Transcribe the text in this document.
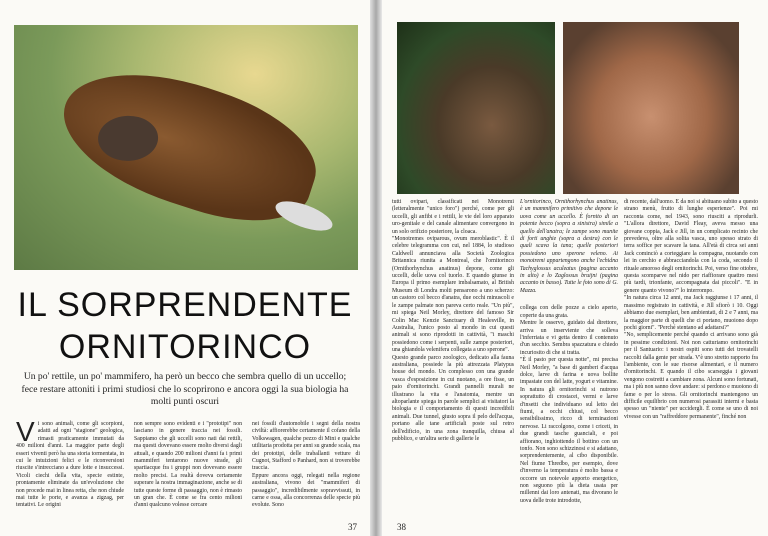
IL SORPRENDENTE
ORNITORINCO
Un po' rettile, un po' mammifero, ha però un becco che sembra quello di un uccello; fece restare attoniti i primi studiosi che lo scoprirono e ancora oggi la sua biologia ha molti punti oscuri
Vi sono animali, come gli scorpioni, adatti ad ogni "stagione" geologica, rimasti praticamente immutati da 400 milioni d'anni. La maggior parte degli esseri viventi però ha una storia tormentata, in cui le intuizioni felici e le riconversioni riuscite s'intrecciano a dure lotte e insuccessi. Vicoli ciechi della vita, specie estinte, prontamente eliminate da un'evoluzione che non procede mai in linea retta, che non chiude mai tutte le porte, e avanza a zigzag, per tentativi. Le origini
non sempre sono evidenti e i "prototipi" non lasciano in genere traccia nei fossili. Sappiamo che gli uccelli sono nati dai rettili, ma questi dovevano essere molto diversi dagli attuali, e quando 200 milioni d'anni fa i primi mammiferi tentarono nuove strade, gli spartiacque fra i gruppi non dovevano essere molto precisi. La realtà doveva certamente superare la nostra immaginazione, anche se di tutte queste forme di passaggio, non è rimasto un gran che. È come se fra cento milioni d'anni qualcuno volesse cercare
nei fossili d'automobile i segni della nostra civiltà: affiorerebbe certamente il cofano della Volkswagen, qualche pezzo di Mini e qualche utilitaria prodotta per anni su grande scala, ma dei prototipi, delle traballanti vetture di Cugnot, Stafford o Panhard, non si troverebbe traccia.
Eppure ancora oggi, relegati nella regione australiana, vivono dei "mammiferi di passaggio", incredibilmente sopravvissuti, in carne e ossa, alla concorrenza delle specie più evolute. Sono
37
tutti ovipari, classificati nei Monotremi (letteralmente "unico foro") perché, come per gli uccelli, gli anfibi e i rettili, le vie del loro apparato uro-genitale e del canale alimentare convergono in un solo orifizio posteriore, la cloaca.
"Monotremes oviparous, ovum meroblastic". È il celebre telegramma con cui, nel 1884, lo studioso Caldwell annunciava alla Società Zoologica Britannica riunita a Montreal, che l'ornitorinco (Ornithorhynchus anatinus) depone, come gli uccelli, delle uova col tuorlo. E quando giunse in Europa il primo esemplare imbalsamato, al British Museum di Londra molti pensarono a uno scherzo: un castoro col becco d'anatra, due occhi minuscoli e le zampe palmate non pareva certo reale. "Un più", mi spiega Neil Morley, direttore del famoso Sir Colin Mac Kenzie Sanctuary di Healesville, in Australia, l'unico posto al mondo in cui questi animali si sono riprodotti in cattività, "i maschi possiedono come i serpenti, sulle zampe posteriori, una ghiandola velenifera collegata a uno sperone".
Questo grande parco zoologico, dedicato alla fauna australiana, possiede la più attrezzata Platypus house del mondo. Un complesso con una grande vasca d'esposizione in cui nuotano, a ore fisse, un paio d'ornitorinchi. Grandi pannelli murali ne illustrano la vita e l'anatomia, mentre un altoparlante spiega in parole semplici ai visitatori la biologia e il comportamento di questi incredibili animali. Due tunnel, giusto sopra il pelo dell'acqua, portano alle tane artificiali poste sul retro dell'edificio, in una zona tranquilla, chiusa al pubblico, e un'altra serie di gallerie le
L'ornitorinco, Ornithorhynchus anatinus, è un mammifero primitivo che depone le uova come un uccello. È fornito di un potente becco (sopra a sinistra) simile a quello dell'anatra; le zampe sono munite di forti unghie (sopra a destra) con le quali scava la tana; quelle posteriori possiedono uno sperone veleno. Ai monotremi appartengono anche l'echidna Tachyglossus aculeatus (pagina accanto in alto) e lo Zaglossus bruijni (pagina accanto in basso). Tutte le foto sono di G. Mazza.
collega con delle pozze a cielo aperto, coperte da una grata.
Mentre le osservo, guidato dal direttore, arriva un inserviente che solleva l'inferriata e vi getta dentro il contenuto d'un secchio. Sembra spazzatura e chiedo incuriosito di che si tratta.
"È il pasto per questa notte", mi precisa Neil Morley, "a base di gamberi d'acqua dolce, larve di farina e uova bollite impastate con del latte, yogurt e vitamine. In natura gli ornitorinchi si nutrono soprattutto di crostacei, vermi e larve d'insetti che individuano sul letto dei fiumi, a occhi chiusi, col becco sensibilissimo, ricco di terminazioni nervose. Li raccolgono, come i criceti, in due grandi tasche guanciali, e poi affiorano, inghiottendo il bottino con un tonfo. Non sono schizzinosi e si adattano, sorprendentemente, al cibo disponibile. Nel fiume Thredbo, per esempio, dove d'inverno la temperatura è molto bassa e occorre un notevole apporto energetico, non seguono più la dieta usata per millenni dai loro antenati, ma divorano le uova delle trote introdotte,
di recente, dall'uomo. E da noi si abituano subito a questo strano menù, frutto di lunghe esperienze". Poi mi racconta come, nel 1943, sono riusciti a riprodurli. "L'allora direttore, David Fleay, aveva messo una giovane coppia, Jack e Jill, in un complicato recinto che prevedeva, oltre alla solita vasca, uno spesso strato di terra soffice per scavare la tana. All'età di circa sei anni Jack cominciò a corteggiare la compagna, nuotando con lei in cerchio e abbracciandola con la coda, secondo il rituale amoroso degli ornitorinchi. Poi, verso fine ottobre, questa scomparve nel nido per riaffiorare quattro mesi più tardi, trionfante, accompagnata dai piccoli". "E in genere quanto vivono?" lo interrompo.
"In natura circa 12 anni, ma Jack raggiunse i 17 anni, il massimo registrato in cattività, e Jill sfiorò i 10. Oggi abbiamo due esemplari, ben ambientati, di 2 e 7 anni, ma la maggior parte di quelli che ci portano, muoiono dopo pochi giorni". "Perché stentano ad adattarsi?"
"No, semplicemente perché quando ci arrivano sono già in pessime condizioni. Noi non catturiamo ornitorinchi per il Santuario: i nostri ospiti sono tutti dei trovatelli raccolti dalla gente per strada. V'è uno stretto rapporto fra l'ambiente, con le sue risorse alimentari, e il numero d'ornitorinchi. E quando il cibo scarseggia i giovani vengono costretti a cambiare zona. Alcuni sono fortunati, ma i più non sanno dove andare: si perdono e muoiono di fame o per lo stress. Gli ornitorinchi mantengono un difficile equilibrio con numerosi parassiti interni e basta spesso un "niente" per uccidergli. È come se uno di noi vivesse con un "raffreddore permanente", finché non
38
